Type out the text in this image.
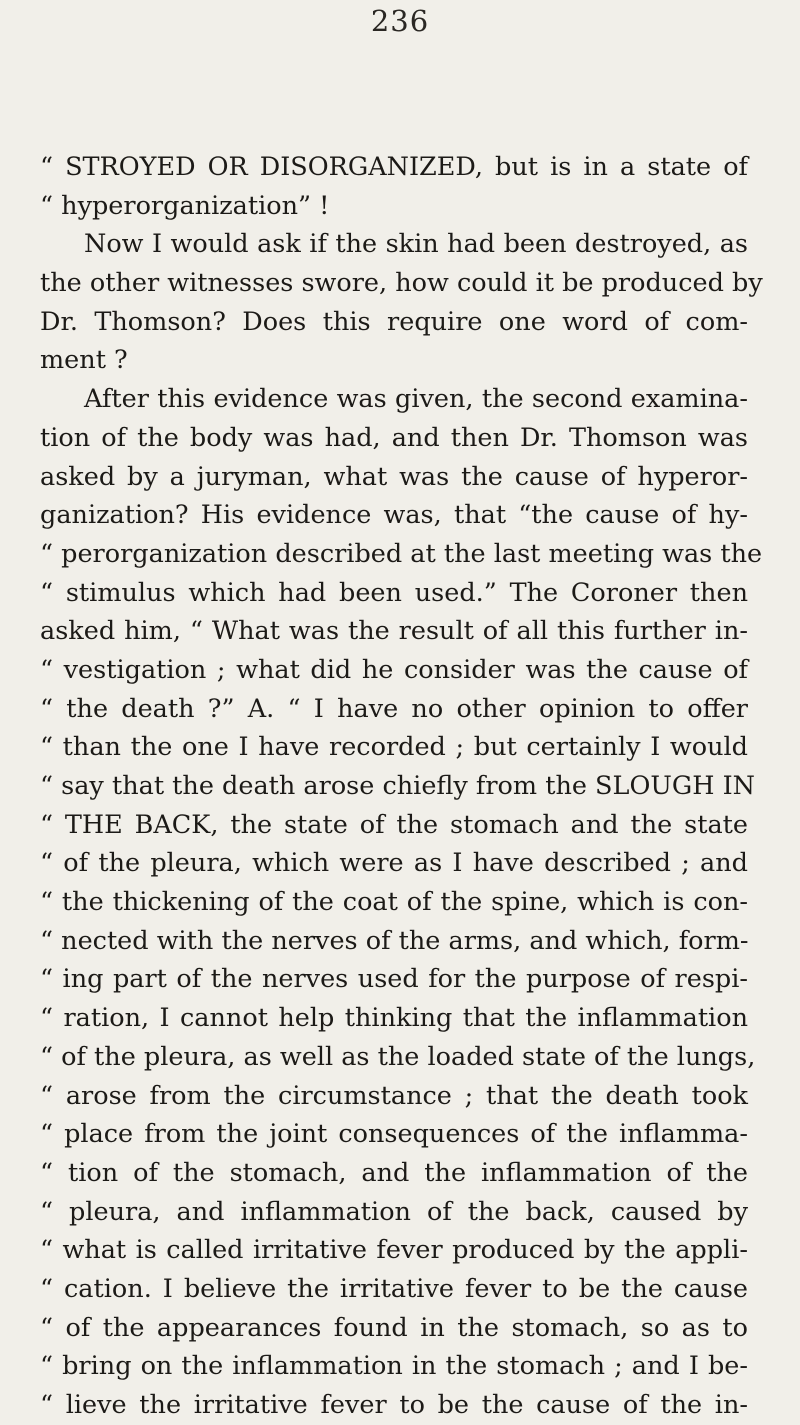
236
“ STROYED OR DISORGANIZED, but is in a state of
“ hyperorganization” !
Now I would ask if the skin had been destroyed, as
the other witnesses swore, how could it be produced by
Dr. Thomson? Does this require one word of com-
ment ?
After this evidence was given, the second examina-
tion of the body was had, and then Dr. Thomson was
asked by a juryman, what was the cause of hyperor-
ganization? His evidence was, that “the cause of hy-
“ perorganization described at the last meeting was the
“ stimulus which had been used.” The Coroner then
asked him, “ What was the result of all this further in-
“ vestigation ; what did he consider was the cause of
“ the death ?” A. “ I have no other opinion to offer
“ than the one I have recorded ; but certainly I would
“ say that the death arose chiefly from the SLOUGH IN
“ THE BACK, the state of the stomach and the state
“ of the pleura, which were as I have described ; and
“ the thickening of the coat of the spine, which is con-
“ nected with the nerves of the arms, and which, form-
“ ing part of the nerves used for the purpose of respi-
“ ration, I cannot help thinking that the inflammation
“ of the pleura, as well as the loaded state of the lungs,
“ arose from the circumstance ; that the death took
“ place from the joint consequences of the inflamma-
“ tion of the stomach, and the inflammation of the
“ pleura, and inflammation of the back, caused by
“ what is called irritative fever produced by the appli-
“ cation. I believe the irritative fever to be the cause
“ of the appearances found in the stomach, so as to
“ bring on the inflammation in the stomach ; and I be-
“ lieve the irritative fever to be the cause of the in-
